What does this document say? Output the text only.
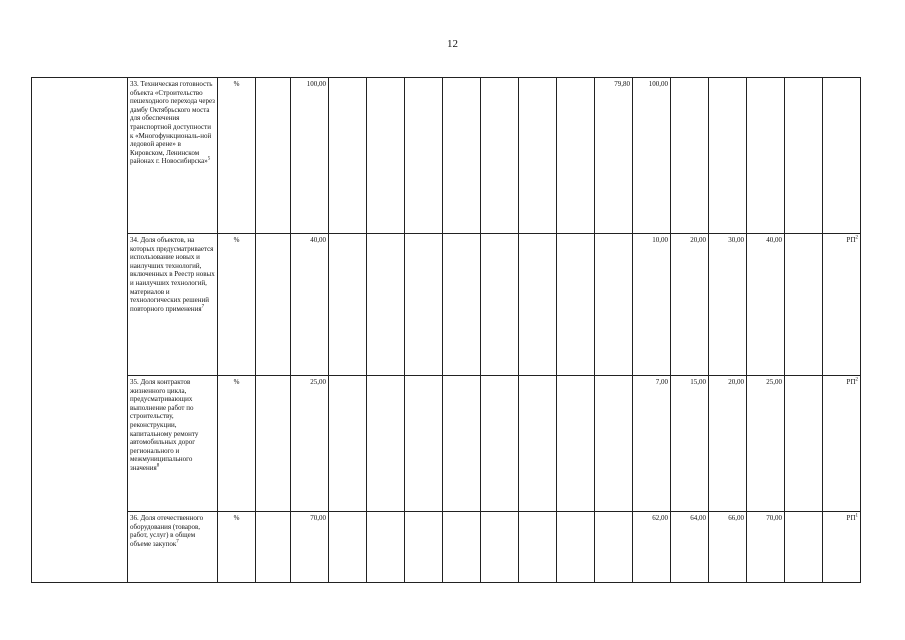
12
	33. Техническая готовность объекта «Строительство пешеходного перехода через дамбу Октябрьского моста для обеспечения транспортной доступности к «Многофункциональ-ной ледовой арене» в Кировском, Ленинском районах г. Новосибирска»$^5$	%		100,00								79,80	100,00					
	34. Доля объектов, на которых предусматривается использование новых и наилучших технологий, включенных в Реестр новых и наилучших технологий, материалов и технологических решений повторного применения$^7$	%		40,00									10,00	20,00	30,00	40,00		$РП^2$
	35. Доля контрактов жизненного цикла, предусматривающих выполнение работ по строительству, реконструкции, капитальному ремонту автомобильных дорог регионального и межмуниципального значения$^8$	%		25,00									7,00	15,00	20,00	25,00		$РП^2$
	36. Доля отечественного оборудования (товаров, работ, услуг) в общем объеме закупок$^7$	%		70,00									62,00	64,00	66,00	70,00		$РП^1$
